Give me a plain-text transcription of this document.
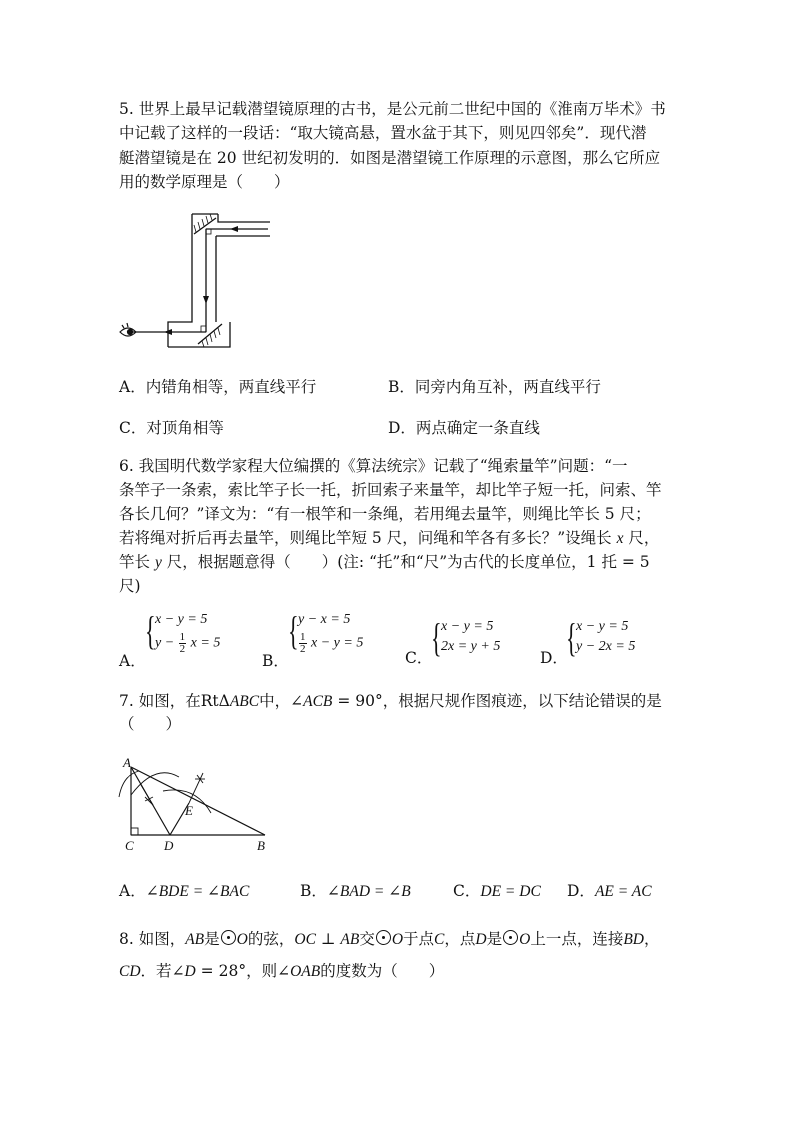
5. 世界上最早记载潜望镜原理的古书，是公元前二世纪中国的《淮南万毕术》书
中记载了这样的一段话：“取大镜高悬，置水盆于其下，则见四邻矣”．现代潜
艇潜望镜是在 20 世纪初发明的．如图是潜望镜工作原理的示意图，那么它所应
用的数学原理是（　　）
A．内错角相等，两直线平行	B．同旁内角互补，两直线平行
C．对顶角相等	D．两点确定一条直线
6. 我国明代数学家程大位编撰的《算法统宗》记载了“绳索量竿”问题：“一
条竿子一条索，索比竿子长一托，折回索子来量竿，却比竿子短一托，问索、竿
各长几何？”译文为：“有一根竿和一条绳，若用绳去量竿，则绳比竿长 5 尺；
若将绳对折后再去量竿，则绳比竿短 5 尺，问绳和竿各有多长？”设绳长 x 尺，
竿长 y 尺，根据题意得（　　）(注: “托”和“尺”为古代的长度单位，1 托 = 5
尺)
A．
{ x − y = 5
$y - \frac{1}{2}$ x = 5
B．
{ y − x = 5
$\frac{1}{2}$ x − y = 5
C．
{ x − y = 5
2x = y + 5
D．
{ x − y = 5
y − 2x = 5
7. 如图，在RtΔABC中，∠ACB = 90°，根据尺规作图痕迹，以下结论错误的是
（　　）
A
C D	B
E
A．∠BDE = ∠BAC	B．∠BAD = ∠B	C．DE = DC D．AE = AC
8. 如图，AB是 O的弦，OC ⊥ AB交 O于点C，点D是 O上一点，连接BD，
CD．若∠D = 28°，则∠OAB的度数为（　　）
